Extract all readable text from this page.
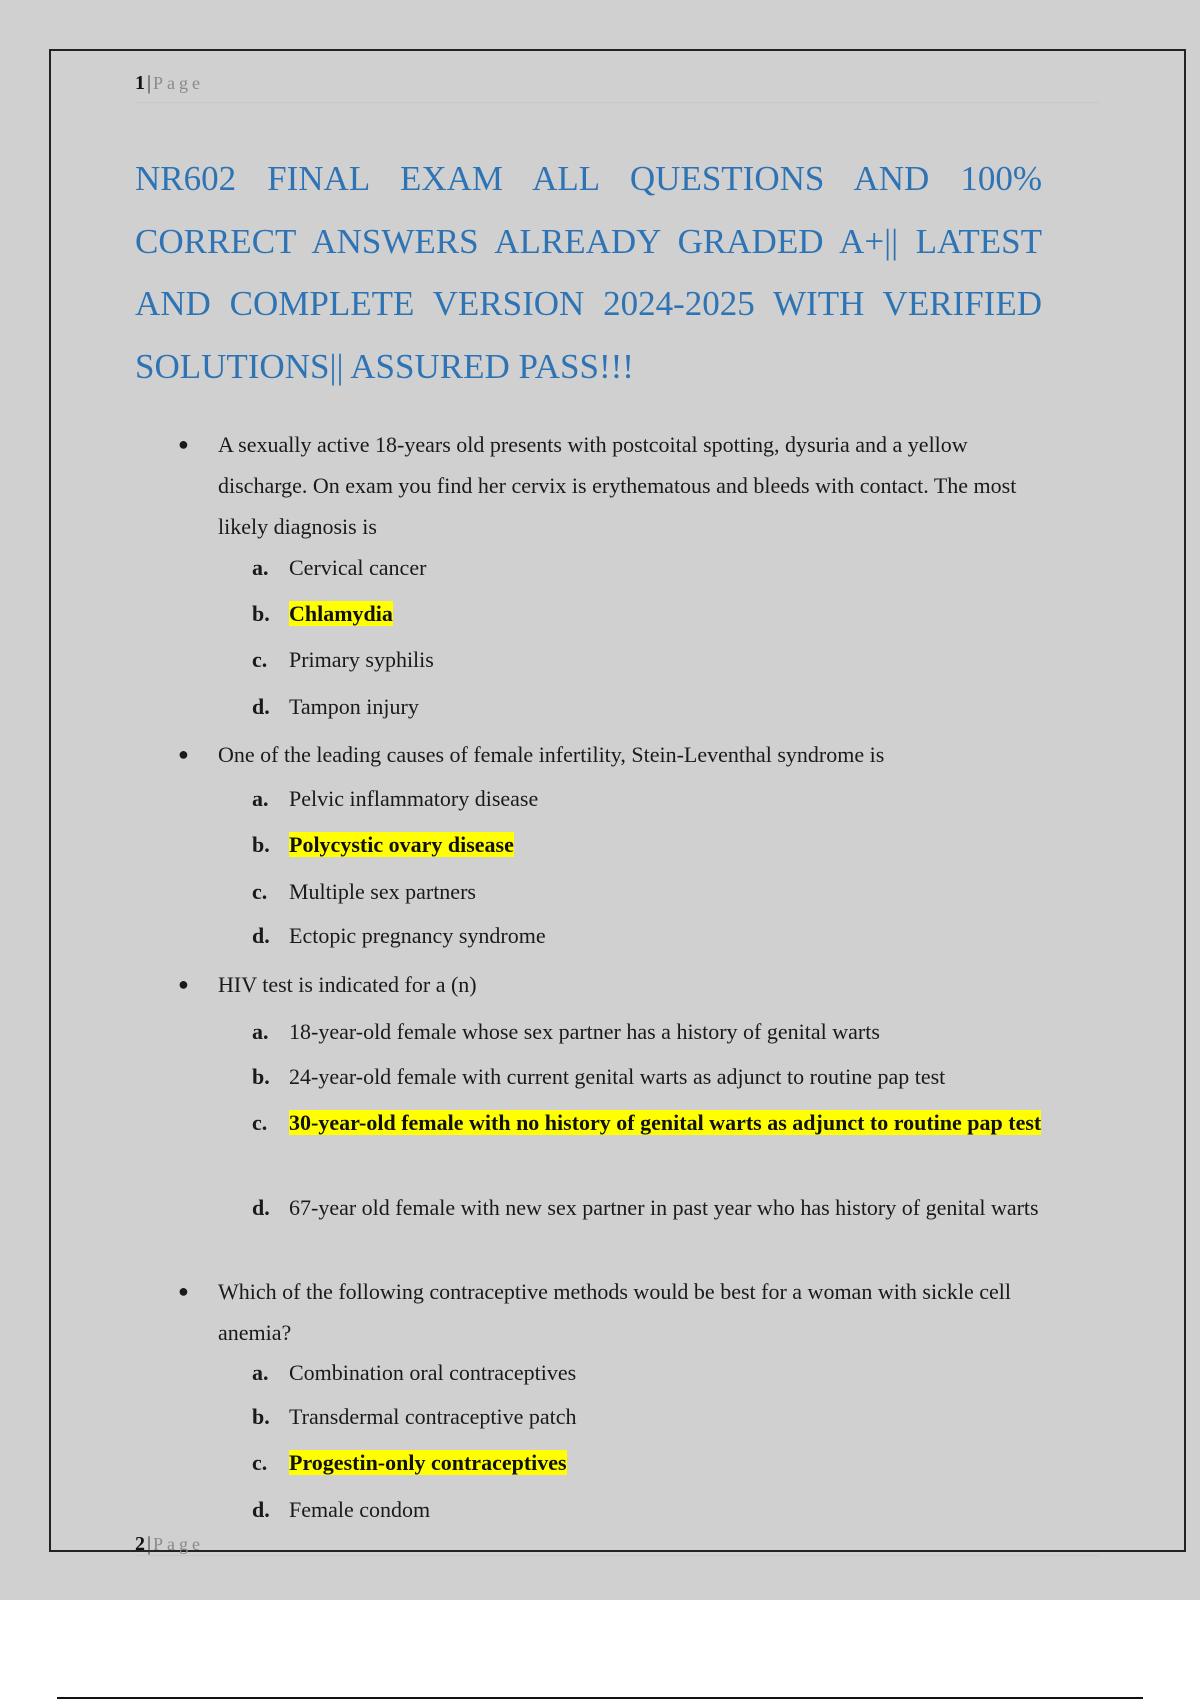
1 | Page
NR602 FINAL EXAM ALL QUESTIONS AND 100% CORRECT ANSWERS ALREADY GRADED A+|| LATEST AND COMPLETE VERSION 2024-2025 WITH VERIFIED SOLUTIONS|| ASSURED PASS!!!
● A sexually active 18-years old presents with postcoital spotting, dysuria and a yellow discharge. On exam you find her cervix is erythematous and bleeds with contact. The most likely diagnosis is

a. Cervical cancer
b. Chlamydia
c. Primary syphilis
d. Tampon injury
● One of the leading causes of female infertility, Stein-Leventhal syndrome is

a. Pelvic inflammatory disease
b. Polycystic ovary disease
c. Multiple sex partners
d. Ectopic pregnancy syndrome
● HIV test is indicated for a (n)

a. 18-year-old female whose sex partner has a history of genital warts
b. 24-year-old female with current genital warts as adjunct to routine pap test
c. 30-year-old female with no history of genital warts as adjunct to routine pap test
d. 67-year old female with new sex partner in past year who has history of genital warts
● Which of the following contraceptive methods would be best for a woman with sickle cell anemia?

a. Combination oral contraceptives
b. Transdermal contraceptive patch
c. Progestin-only contraceptives
d. Female condom
2 | Page
